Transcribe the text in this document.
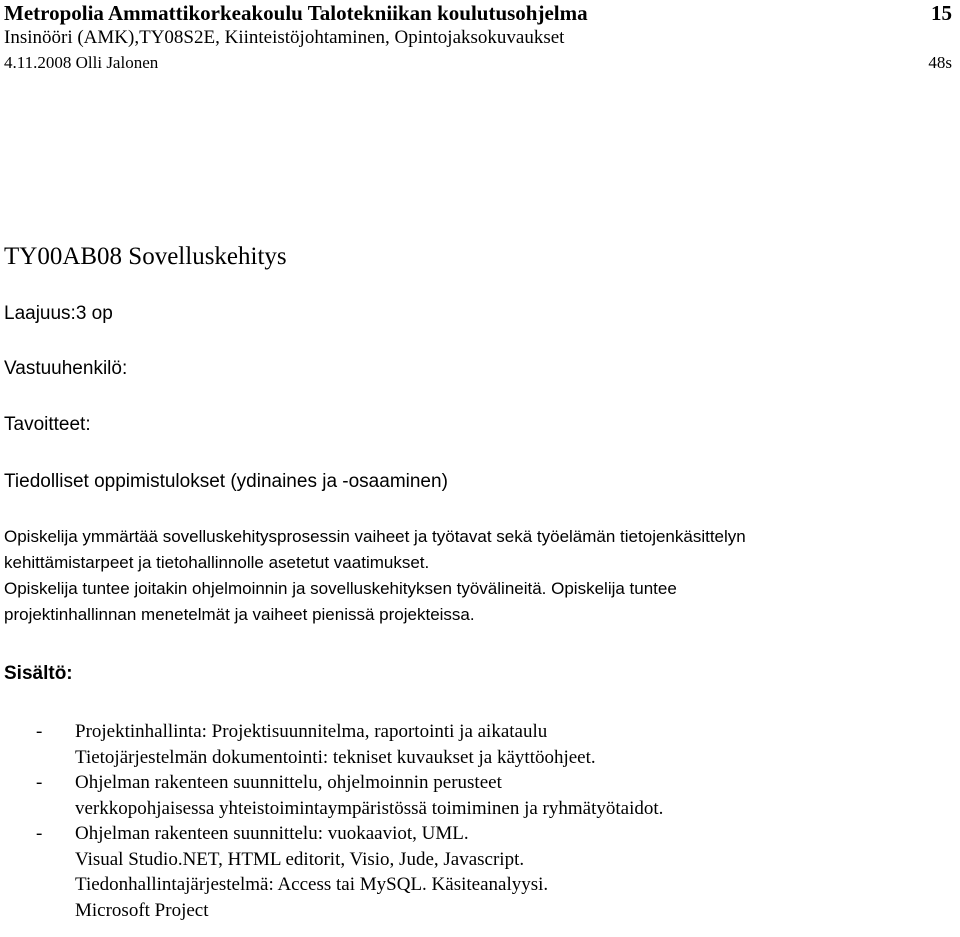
Metropolia Ammattikorkeakoulu Talotekniikan koulutusohjelma	15
Insinööri (AMK),TY08S2E, Kiinteistöjohtaminen, Opintojaksokuvaukset
4.11.2008 Olli Jalonen	48s
TY00AB08 Sovelluskehitys
Laajuus:3 op
Vastuuhenkilö:
Tavoitteet:
Tiedolliset oppimistulokset (ydinaines ja -osaaminen)

Opiskelija ymmärtää sovelluskehitysprosessin vaiheet ja työtavat sekä työelämän tietojenkäsittelyn

kehittämistarpeet ja tietohallinnolle asetetut vaatimukset.

Opiskelija tuntee joitakin ohjelmoinnin ja sovelluskehityksen työvälineitä. Opiskelija tuntee

projektinhallinnan menetelmät ja vaiheet pienissä projekteissa.

Sisältö:
- Projektinhallinta: Projektisuunnitelma, raportointi ja aikataulu
Tietojärjestelmän dokumentointi: tekniset kuvaukset ja käyttöohjeet.
- Ohjelman rakenteen suunnittelu, ohjelmoinnin perusteet
verkkopohjaisessa yhteistoimintaympäristössä toimiminen ja ryhmätyötaidot.
- Ohjelman rakenteen suunnittelu: vuokaaviot, UML.
Visual Studio.NET, HTML editorit, Visio, Jude, Javascript.
Tiedonhallintajärjestelmä: Access tai MySQL. Käsiteanalyysi.
Microsoft Project
